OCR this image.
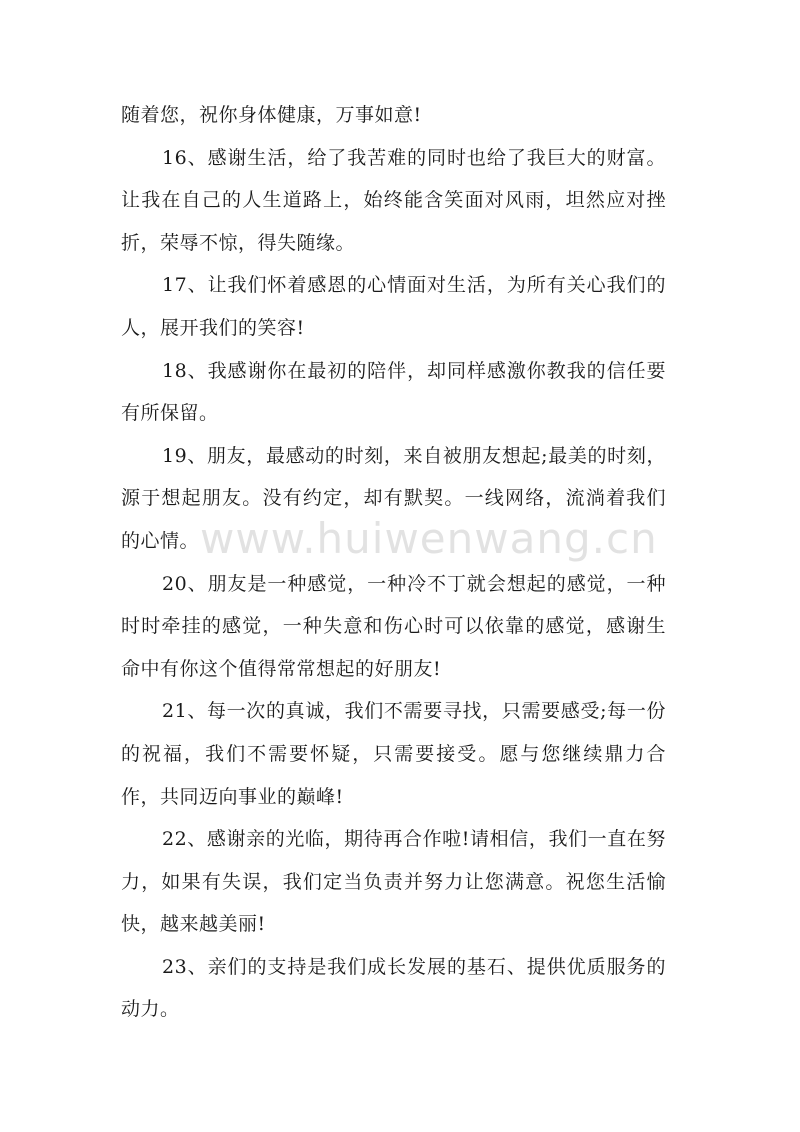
随着您，祝你身体健康，万事如意!

16、感谢生活，给了我苦难的同时也给了我巨大的财富。让我在自己的人生道路上，始终能含笑面对风雨，坦然应对挫折，荣辱不惊，得失随缘。

17、让我们怀着感恩的心情面对生活，为所有关心我们的人，展开我们的笑容!

18、我感谢你在最初的陪伴，却同样感激你教我的信任要有所保留。

19、朋友，最感动的时刻，来自被朋友想起;最美的时刻，源于想起朋友。没有约定，却有默契。一线网络，流淌着我们的心情。

20、朋友是一种感觉，一种冷不丁就会想起的感觉，一种时时牵挂的感觉，一种失意和伤心时可以依靠的感觉，感谢生命中有你这个值得常常想起的好朋友!

21、每一次的真诚，我们不需要寻找，只需要感受;每一份的祝福，我们不需要怀疑，只需要接受。愿与您继续鼎力合作，共同迈向事业的巅峰!

22、感谢亲的光临，期待再合作啦!请相信，我们一直在努力，如果有失误，我们定当负责并努力让您满意。祝您生活愉快，越来越美丽!

23、亲们的支持是我们成长发展的基石、提供优质服务的动力。

www.huiwenwang.cn
